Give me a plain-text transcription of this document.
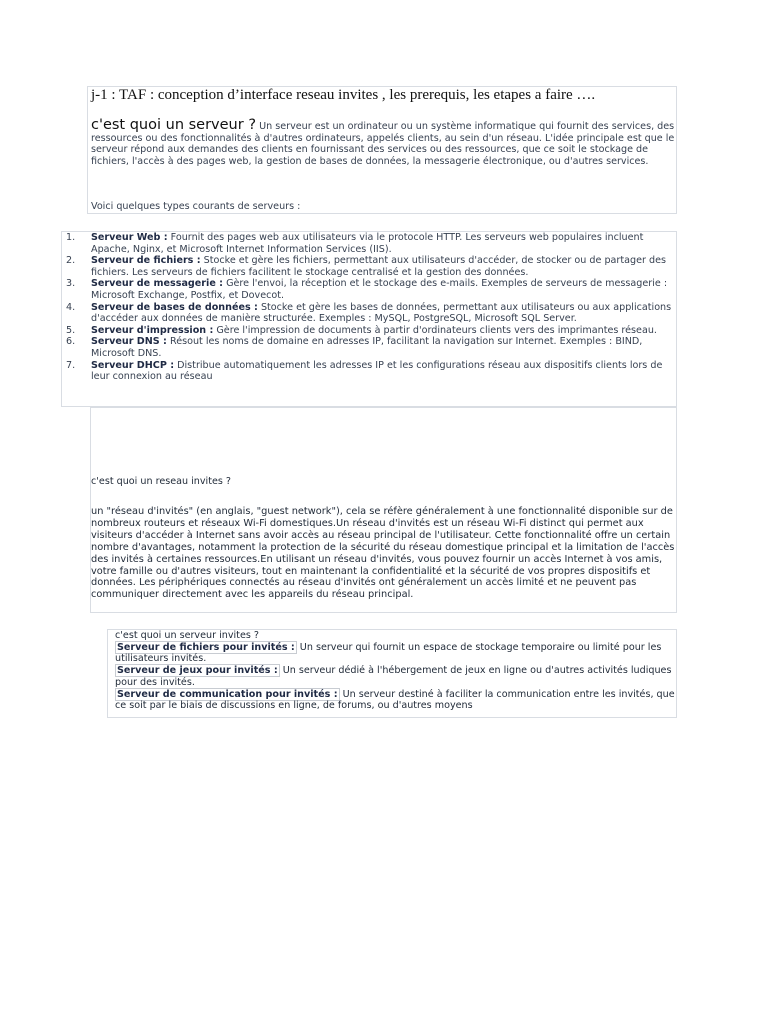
j-1 : TAF : conception d’interface reseau invites , les prerequis, les etapes a faire ….
c'est quoi un serveur ? Un serveur est un ordinateur ou un système informatique qui fournit des services, des ressources ou des fonctionnalités à d'autres ordinateurs, appelés clients, au sein d'un réseau. L'idée principale est que le serveur répond aux demandes des clients en fournissant des services ou des ressources, que ce soit le stockage de fichiers, l'accès à des pages web, la gestion de bases de données, la messagerie électronique, ou d'autres services.
Voici quelques types courants de serveurs :
1. Serveur Web : Fournit des pages web aux utilisateurs via le protocole HTTP. Les serveurs web populaires incluent Apache, Nginx, et Microsoft Internet Information Services (IIS).
2. Serveur de fichiers : Stocke et gère les fichiers, permettant aux utilisateurs d'accéder, de stocker ou de partager des fichiers. Les serveurs de fichiers facilitent le stockage centralisé et la gestion des données.
3. Serveur de messagerie : Gère l'envoi, la réception et le stockage des e-mails. Exemples de serveurs de messagerie : Microsoft Exchange, Postfix, et Dovecot.
4. Serveur de bases de données : Stocke et gère les bases de données, permettant aux utilisateurs ou aux applications d'accéder aux données de manière structurée. Exemples : MySQL, PostgreSQL, Microsoft SQL Server.
5. Serveur d'impression : Gère l'impression de documents à partir d'ordinateurs clients vers des imprimantes réseau.
6. Serveur DNS : Résout les noms de domaine en adresses IP, facilitant la navigation sur Internet. Exemples : BIND, Microsoft DNS.
7. Serveur DHCP : Distribue automatiquement les adresses IP et les configurations réseau aux dispositifs clients lors de leur connexion au réseau
c'est quoi un reseau invites ?
un "réseau d'invités" (en anglais, "guest network"), cela se réfère généralement à une fonctionnalité disponible sur de nombreux routeurs et réseaux Wi-Fi domestiques.Un réseau d'invités est un réseau Wi-Fi distinct qui permet aux visiteurs d'accéder à Internet sans avoir accès au réseau principal de l'utilisateur. Cette fonctionnalité offre un certain nombre d'avantages, notamment la protection de la sécurité du réseau domestique principal et la limitation de l'accès des invités à certaines ressources.En utilisant un réseau d'invités, vous pouvez fournir un accès Internet à vos amis, votre famille ou d'autres visiteurs, tout en maintenant la confidentialité et la sécurité de vos propres dispositifs et données. Les périphériques connectés au réseau d'invités ont généralement un accès limité et ne peuvent pas communiquer directement avec les appareils du réseau principal.
c'est quoi un serveur invites ?
Serveur de fichiers pour invités : Un serveur qui fournit un espace de stockage temporaire ou limité pour les utilisateurs invités.
Serveur de jeux pour invités : Un serveur dédié à l'hébergement de jeux en ligne ou d'autres activités ludiques pour des invités.
Serveur de communication pour invités : Un serveur destiné à faciliter la communication entre les invités, que ce soit par le biais de discussions en ligne, de forums, ou d'autres moyens
